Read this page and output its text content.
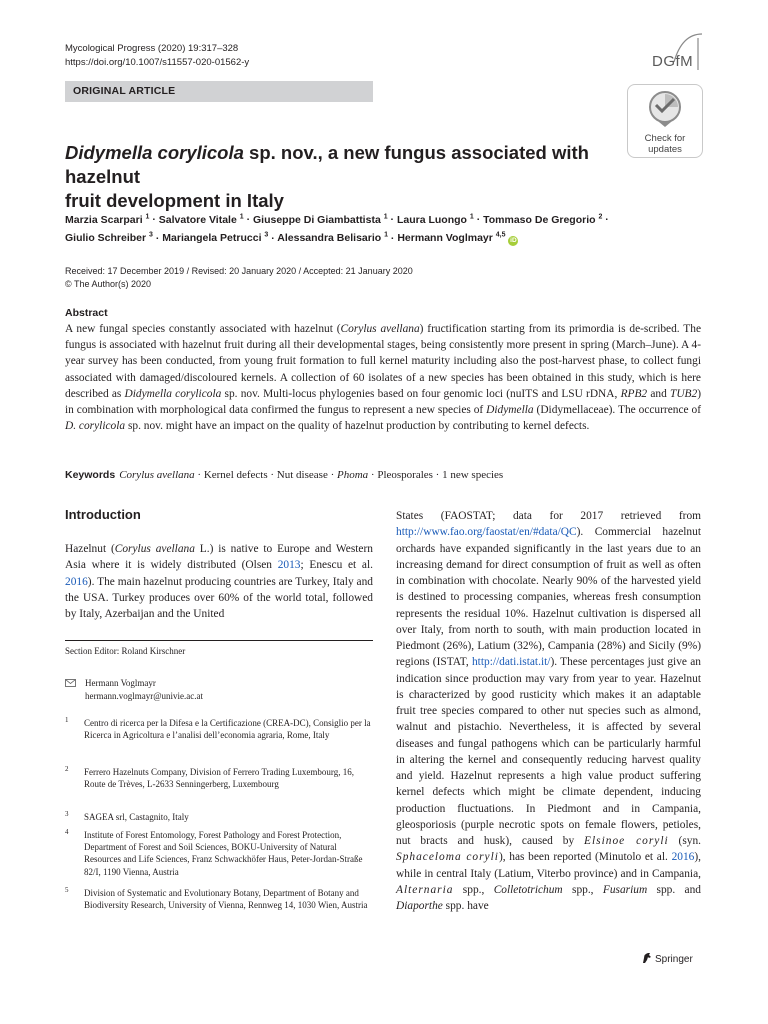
Mycological Progress (2020) 19:317–328
https://doi.org/10.1007/s11557-020-01562-y	DGfM
ORIGINAL ARTICLE
Check for
updates
Didymella corylicola sp. nov., a new fungus associated with hazelnut
fruit development in Italy
Marzia Scarpari $^1$ · Salvatore Vitale $^1$ · Giuseppe Di Giambattista $^1$ · Laura Luongo $^1$ · Tommaso De Gregorio $^2$ ·
Giulio Schreiber $^3$ · Mariangela Petrucci $^3$ · Alessandra Belisario $^1$ · Hermann Voglmayr $^{4,5}$ iD
Received: 17 December 2019 / Revised: 20 January 2020 / Accepted: 21 January 2020
© The Author(s) 2020
Abstract

A new fungal species constantly associated with hazelnut (Corylus avellana) fructification starting from its primordia is de-scribed. The fungus is associated with hazelnut fruit during all their developmental stages, being consistently more present in spring (March–June). A 4-year survey has been conducted, from young fruit formation to full kernel maturity including also the post-harvest phase, to collect fungi associated with damaged/discoloured kernels. A collection of 60 isolates of a new species has been obtained in this study, which is here described as Didymella corylicola sp. nov. Multi-locus phylogenies based on four genomic loci (nuITS and LSU rDNA, RPB2 and TUB2) in combination with morphological data confirmed the fungus to represent a new species of Didymella (Didymellaceae). The occurrence of D. corylicola sp. nov. might have an impact on the quality of hazelnut production by contributing to kernel defects.

Keywords Corylus avellana · Kernel defects · Nut disease · Phoma · Pleosporales · 1 new species
Introduction

Hazelnut (Corylus avellana L.) is native to Europe and Western Asia where it is widely distributed (Olsen 2013; Enescu et al. 2016). The main hazelnut producing countries are Turkey, Italy and the USA. Turkey produces over 60% of the world total, followed by Italy, Azerbaijan and the United

Section Editor: Roland Kirschner
Hermann Voglmayr
hermann.voglmayr@univie.ac.at
1 Centro di ricerca per la Difesa e la Certificazione (CREA-DC), Consiglio per la Ricerca in Agricoltura e l’analisi dell’economia agraria, Rome, Italy
2 Ferrero Hazelnuts Company, Division of Ferrero Trading Luxembourg, 16, Route de Trèves, L-2633 Senningerberg, Luxembourg
3 SAGEA srl, Castagnito, Italy
4 Institute of Forest Entomology, Forest Pathology and Forest Protection, Department of Forest and Soil Sciences, BOKU-University of Natural Resources and Life Sciences, Franz Schwackhöfer Haus, Peter-Jordan-Straße 82/I, 1190 Vienna, Austria
5 Division of Systematic and Evolutionary Botany, Department of Botany and Biodiversity Research, University of Vienna, Rennweg 14, 1030 Wien, Austria

States (FAOSTAT; data for 2017 retrieved from http://www.fao.org/faostat/en/#data/QC). Commercial hazelnut orchards have expanded significantly in the last years due to an increasing demand for direct consumption of fruit as well as often in combination with chocolate. Nearly 90% of the harvested yield is destined to processing companies, whereas fresh consumption represents the residual 10%. Hazelnut cultivation is dispersed all over Italy, from north to south, with main production located in Piedmont (26%), Latium (32%), Campania (28%) and Sicily (9%) regions (ISTAT, http://dati.istat.it/). These percentages just give an indication since production may vary from year to year. Hazelnut is characterized by good rusticity which makes it an adaptable fruit tree species compared to other nut species such as almond, walnut and pistachio. Nevertheless, it is affected by several diseases and fungal pathogens which can be particularly harmful in altering the kernel and consequently reducing harvest quality and yield. Hazelnut represents a high value product suffering kernel defects which might be climate dependent, inducing production fluctuations. In Piedmont and in Campania, gleosporiosis (purple necrotic spots on female flowers, petioles, nut bracts and husk), caused by Elsinoe coryli (syn. Sphaceloma coryli), has been reported (Minutolo et al. 2016), while in central Italy (Latium, Viterbo province) and in Campania, Alternaria spp., Colletotrichum spp., Fusarium spp. and Diaporthe spp. have

Springer
